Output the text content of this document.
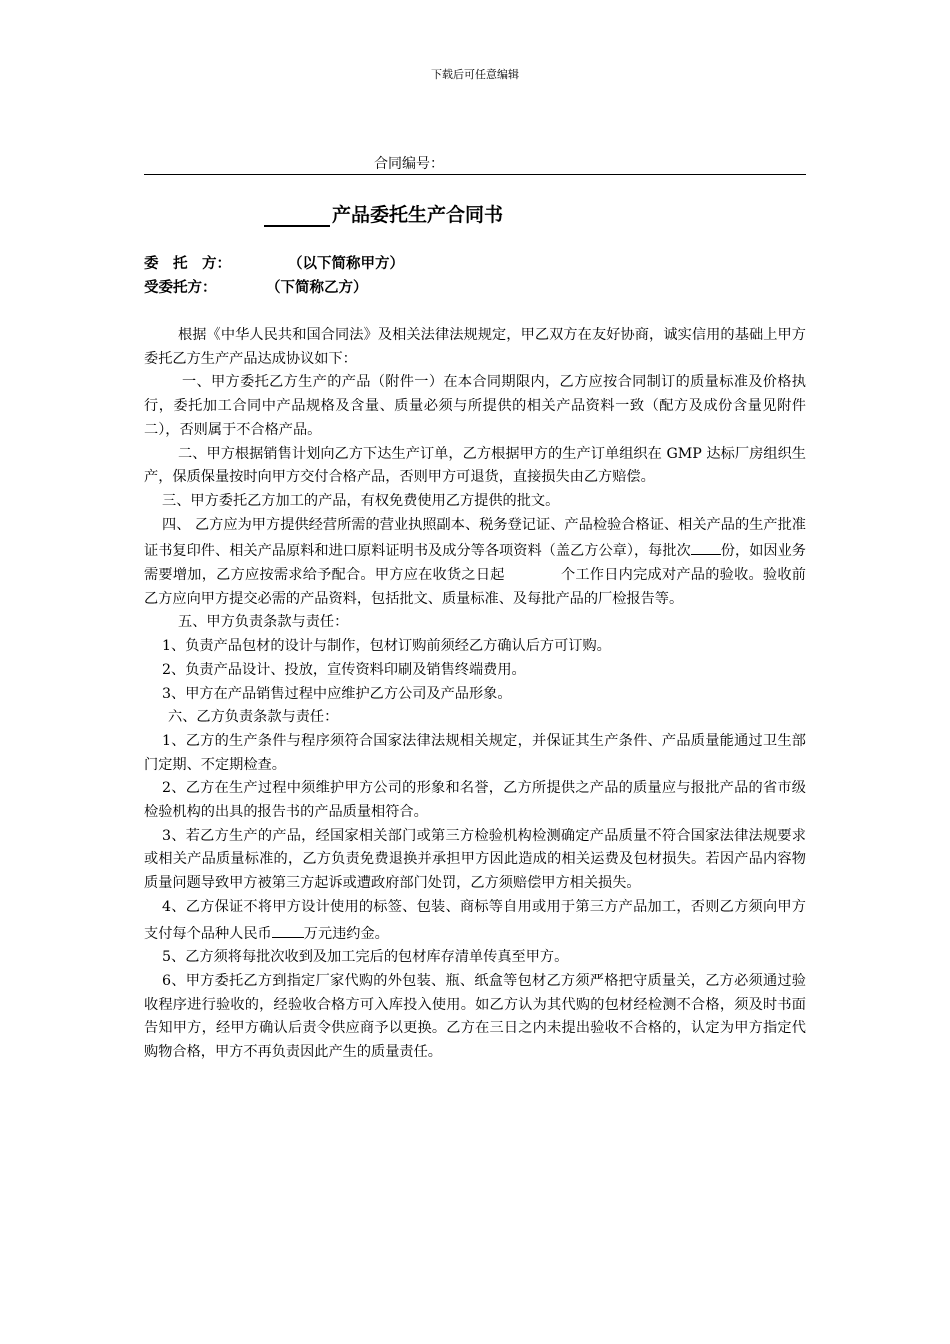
下载后可任意编辑
合同编号：
产品委托生产合同书
委　托　方：	（以下简称甲方）
受委托方：	（下简称乙方）

根据《中华人民共和国合同法》及相关法律法规规定，甲乙双方在友好协商，诚实信用的基础上甲方委托乙方生产产品达成协议如下：

一、甲方委托乙方生产的产品（附件一）在本合同期限内，乙方应按合同制订的质量标准及价格执行，委托加工合同中产品规格及含量、质量必须与所提供的相关产品资料一致（配方及成份含量见附件二），否则属于不合格产品。

二、甲方根据销售计划向乙方下达生产订单，乙方根据甲方的生产订单组织在 GMP 达标厂房组织生产，保质保量按时向甲方交付合格产品，否则甲方可退货，直接损失由乙方赔偿。

三、甲方委托乙方加工的产品，有权免费使用乙方提供的批文。

四、 乙方应为甲方提供经营所需的营业执照副本、税务登记证、产品检验合格证、相关产品的生产批准证书复印件、相关产品原料和进口原料证明书及成分等各项资料（盖乙方公章），每批次 份，如因业务需要增加，乙方应按需求给予配合。甲方应在收货之日起	个工作日内完成对产品的验收。验收前乙方应向甲方提交必需的产品资料，包括批文、质量标准、及每批产品的厂检报告等。

五、甲方负责条款与责任：

1、负责产品包材的设计与制作，包材订购前须经乙方确认后方可订购。

2、负责产品设计、投放，宣传资料印刷及销售终端费用。

3、甲方在产品销售过程中应维护乙方公司及产品形象。

六、乙方负责条款与责任：

1、乙方的生产条件与程序须符合国家法律法规相关规定，并保证其生产条件、产品质量能通过卫生部门定期、不定期检查。

2、乙方在生产过程中须维护甲方公司的形象和名誉，乙方所提供之产品的质量应与报批产品的省市级检验机构的出具的报告书的产品质量相符合。

3、若乙方生产的产品，经国家相关部门或第三方检验机构检测确定产品质量不符合国家法律法规要求或相关产品质量标准的，乙方负责免费退换并承担甲方因此造成的相关运费及包材损失。若因产品内容物质量问题导致甲方被第三方起诉或遭政府部门处罚，乙方须赔偿甲方相关损失。

4、乙方保证不将甲方设计使用的标签、包装、商标等自用或用于第三方产品加工，否则乙方须向甲方支付每个品种人民币 万元违约金。

5、乙方须将每批次收到及加工完后的包材库存清单传真至甲方。

6、甲方委托乙方到指定厂家代购的外包装、瓶、纸盒等包材乙方须严格把守质量关，乙方必须通过验收程序进行验收的，经验收合格方可入库投入使用。如乙方认为其代购的包材经检测不合格，须及时书面告知甲方，经甲方确认后责令供应商予以更换。乙方在三日之内未提出验收不合格的，认定为甲方指定代购物合格，甲方不再负责因此产生的质量责任。
